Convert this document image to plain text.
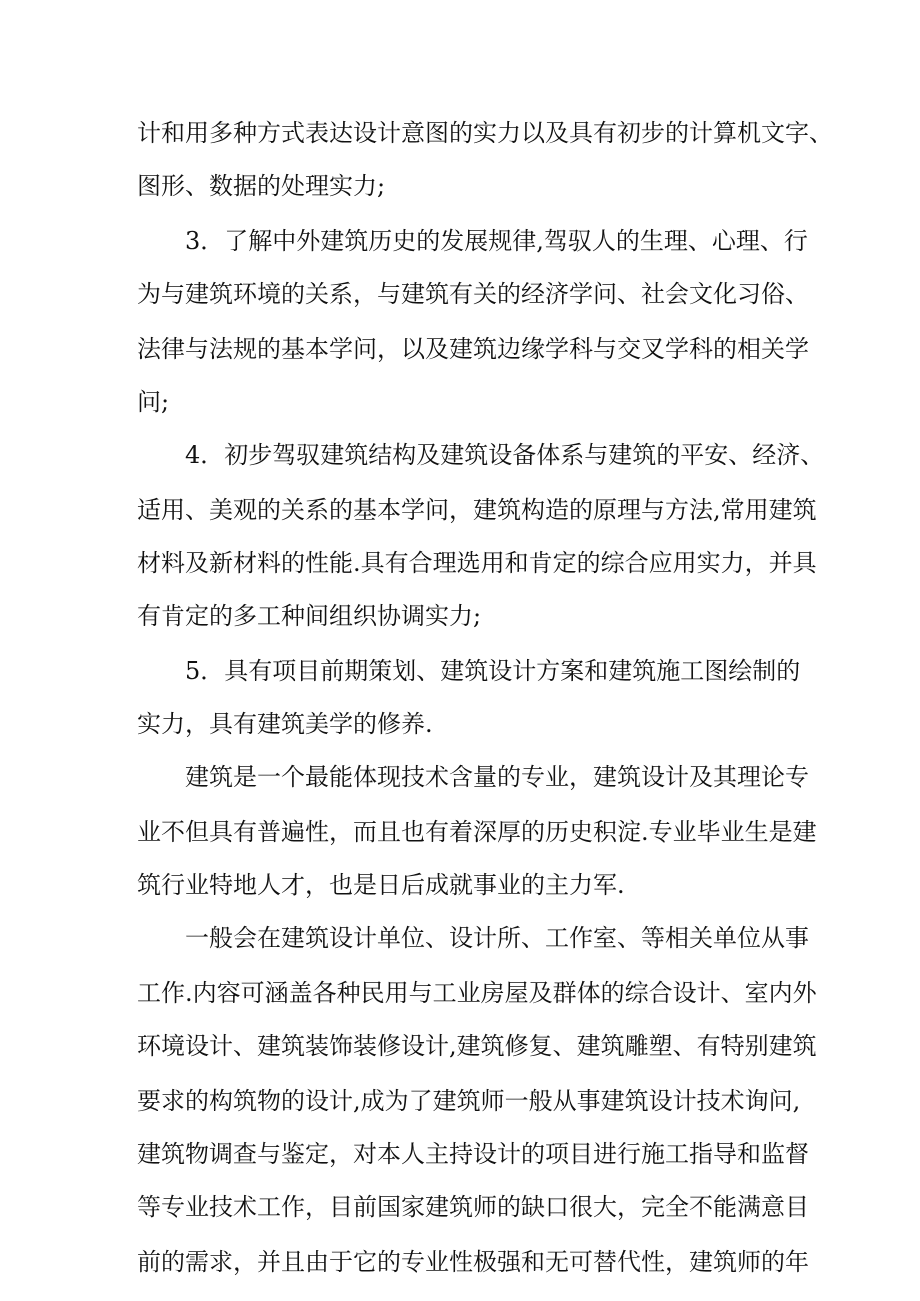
计和用多种方式表达设计意图的实力以及具有初步的计算机文字、

图形、数据的处理实力;

3．了解中外建筑历史的发展规律,驾驭人的生理、心理、行

为与建筑环境的关系，与建筑有关的经济学问、社会文化习俗、

法律与法规的基本学问，以及建筑边缘学科与交叉学科的相关学

问;

4．初步驾驭建筑结构及建筑设备体系与建筑的平安、经济、

适用、美观的关系的基本学问，建筑构造的原理与方法,常用建筑

材料及新材料的性能.具有合理选用和肯定的综合应用实力，并具

有肯定的多工种间组织协调实力;

5．具有项目前期策划、建筑设计方案和建筑施工图绘制的

实力，具有建筑美学的修养.

建筑是一个最能体现技术含量的专业，建筑设计及其理论专

业不但具有普遍性，而且也有着深厚的历史积淀.专业毕业生是建

筑行业特地人才，也是日后成就事业的主力军.

一般会在建筑设计单位、设计所、工作室、等相关单位从事

工作.内容可涵盖各种民用与工业房屋及群体的综合设计、室内外

环境设计、建筑装饰装修设计,建筑修复、建筑雕塑、有特别建筑

要求的构筑物的设计,成为了建筑师一般从事建筑设计技术询问,

建筑物调查与鉴定，对本人主持设计的项目进行施工指导和监督

等专业技术工作，目前国家建筑师的缺口很大，完全不能满意目

前的需求，并且由于它的专业性极强和无可替代性，建筑师的年
